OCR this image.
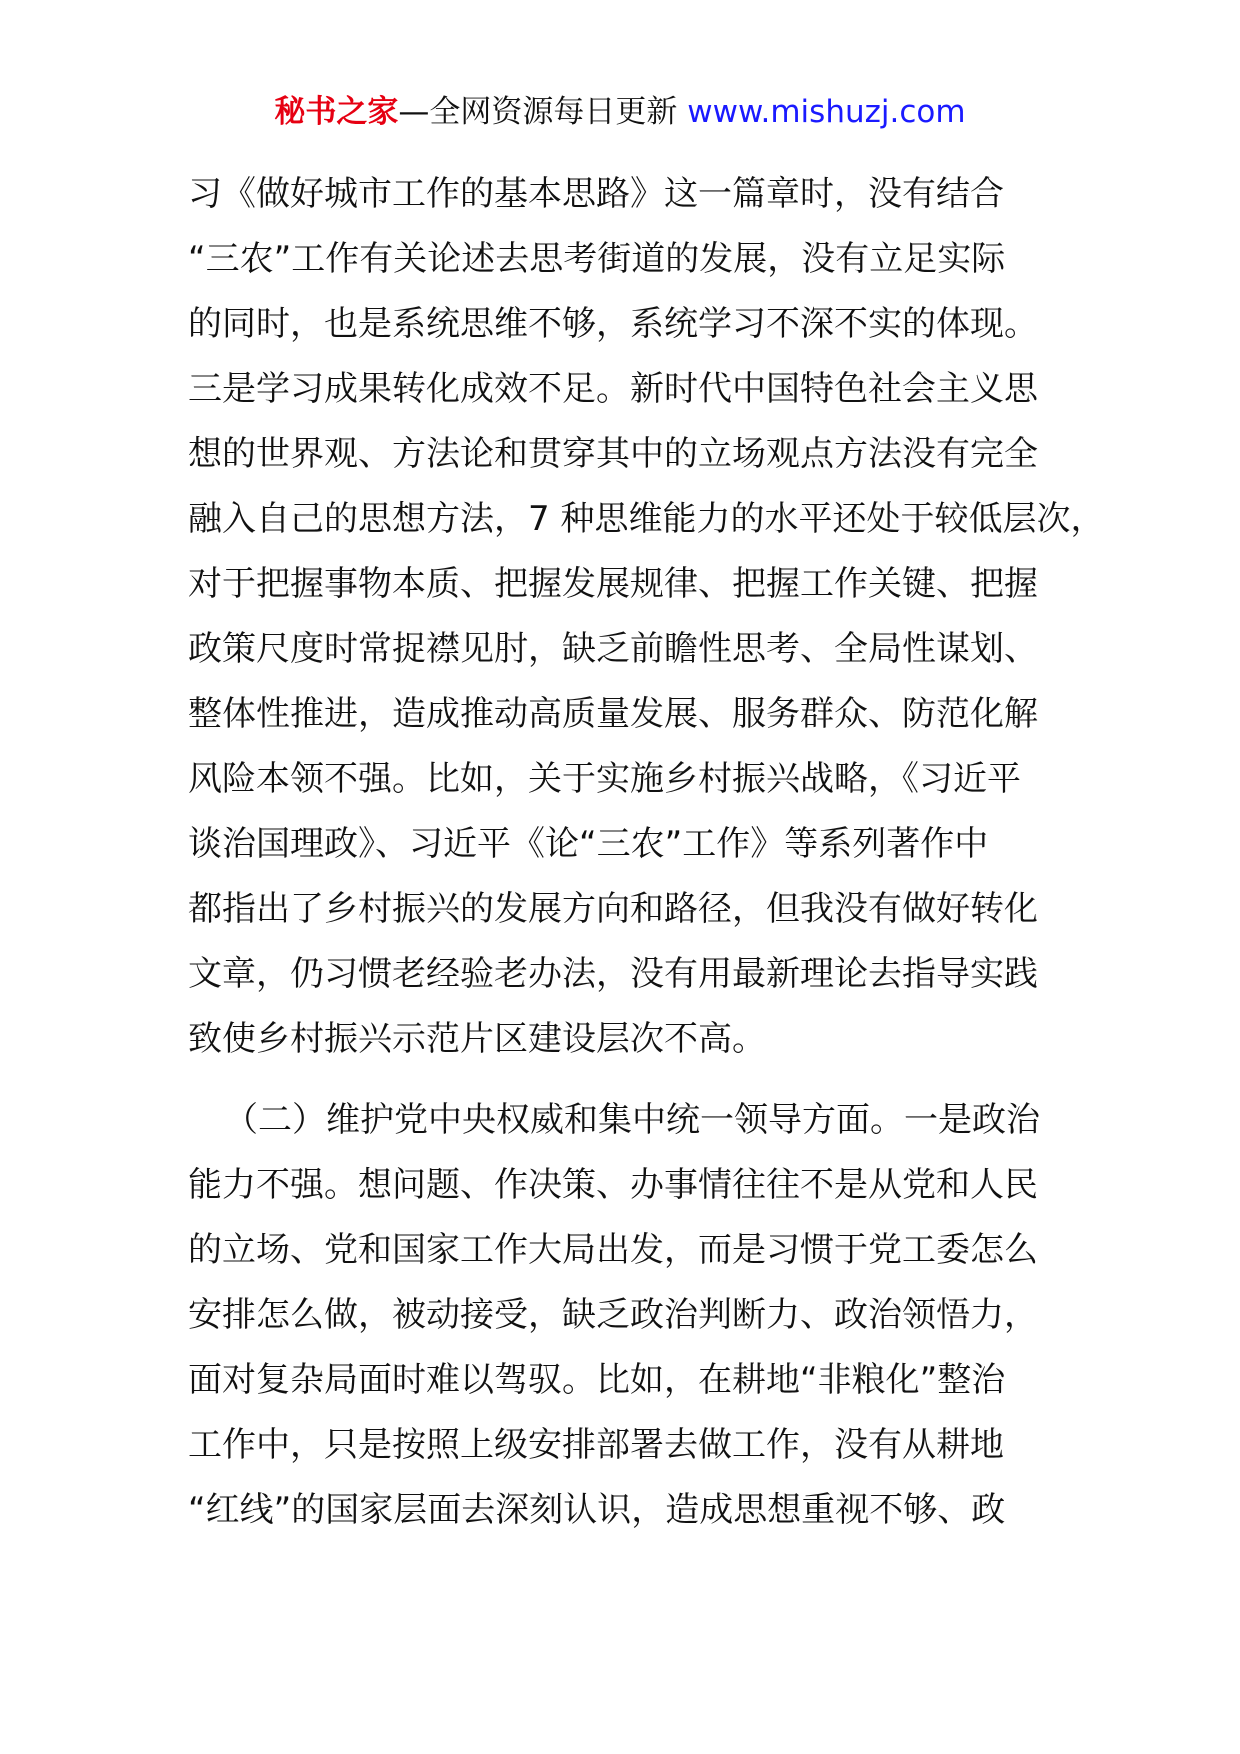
秘书之家—全网资源每日更新 www.mishuzj.com
习《做好城市工作的基本思路》这一篇章时，没有结合
“三农”工作有关论述去思考街道的发展，没有立足实际
的同时，也是系统思维不够，系统学习不深不实的体现。
三是学习成果转化成效不足。新时代中国特色社会主义思
想的世界观、方法论和贯穿其中的立场观点方法没有完全
融入自己的思想方法，7 种思维能力的水平还处于较低层次，
对于把握事物本质、把握发展规律、把握工作关键、把握
政策尺度时常捉襟见肘，缺乏前瞻性思考、全局性谋划、
整体性推进，造成推动高质量发展、服务群众、防范化解
风险本领不强。比如，关于实施乡村振兴战略，《习近平
谈治国理政》、习近平《论“三农”工作》等系列著作中
都指出了乡村振兴的发展方向和路径，但我没有做好转化
文章，仍习惯老经验老办法，没有用最新理论去指导实践
致使乡村振兴示范片区建设层次不高。
（二）维护党中央权威和集中统一领导方面。一是政治
能力不强。想问题、作决策、办事情往往不是从党和人民
的立场、党和国家工作大局出发，而是习惯于党工委怎么
安排怎么做，被动接受，缺乏政治判断力、政治领悟力，
面对复杂局面时难以驾驭。比如，在耕地“非粮化”整治
工作中，只是按照上级安排部署去做工作，没有从耕地
“红线”的国家层面去深刻认识，造成思想重视不够、政
